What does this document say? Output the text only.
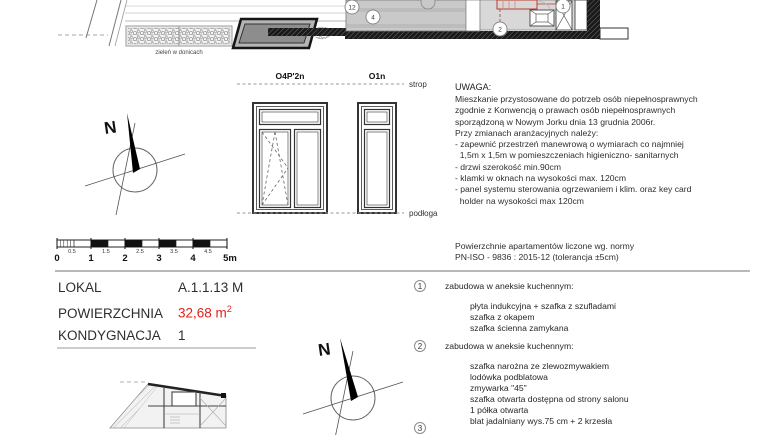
zieleń w donicach
12
4
2
1
N
O4P'2n	O1n
strop
podłoga
0.5	1.5	2.5	3.5	4.5
0	1	2	3	4	5m
N
UWAGA:
Mieszkanie przystosowane do potrzeb osób niepełnosprawnych
zgodnie z Konwencją o prawach osób niepełnosprawnych
sporządzoną w Nowym Jorku dnia 13 grudnia 2006r.
Przy zmianach aranżacyjnych należy:
- zapewnić przestrzeń manewrową o wymiarach co najmniej
1,5m x 1,5m w pomieszczeniach higieniczno- sanitarnych
- drzwi szerokość min.90cm
- klamki w oknach na wysokości max. 120cm
- panel systemu sterowania ogrzewaniem i klim. oraz key card
holder na wysokości max 120cm
Powierzchnie apartamentów liczone wg. normy
PN-ISO - 9836 : 2015-12 (tolerancja ±5cm)
LOKAL	A.1.1.13 M
POWIERZCHNIA 32,68 $m^2$
KONDYGNACJA 1
1	zabudowa w aneksie kuchennym:
płyta indukcyjna + szafka z szufladami
szafka z okapem
szafka ścienna zamykana
2	zabudowa w aneksie kuchennym:
szafka narożna ze zlewozmywakiem
lodówka podblatowa
zmywarka "45"
szafka otwarta dostępna od strony salonu
1 półka otwarta
blat jadalniany wys.75 cm + 2 krzesła
3
